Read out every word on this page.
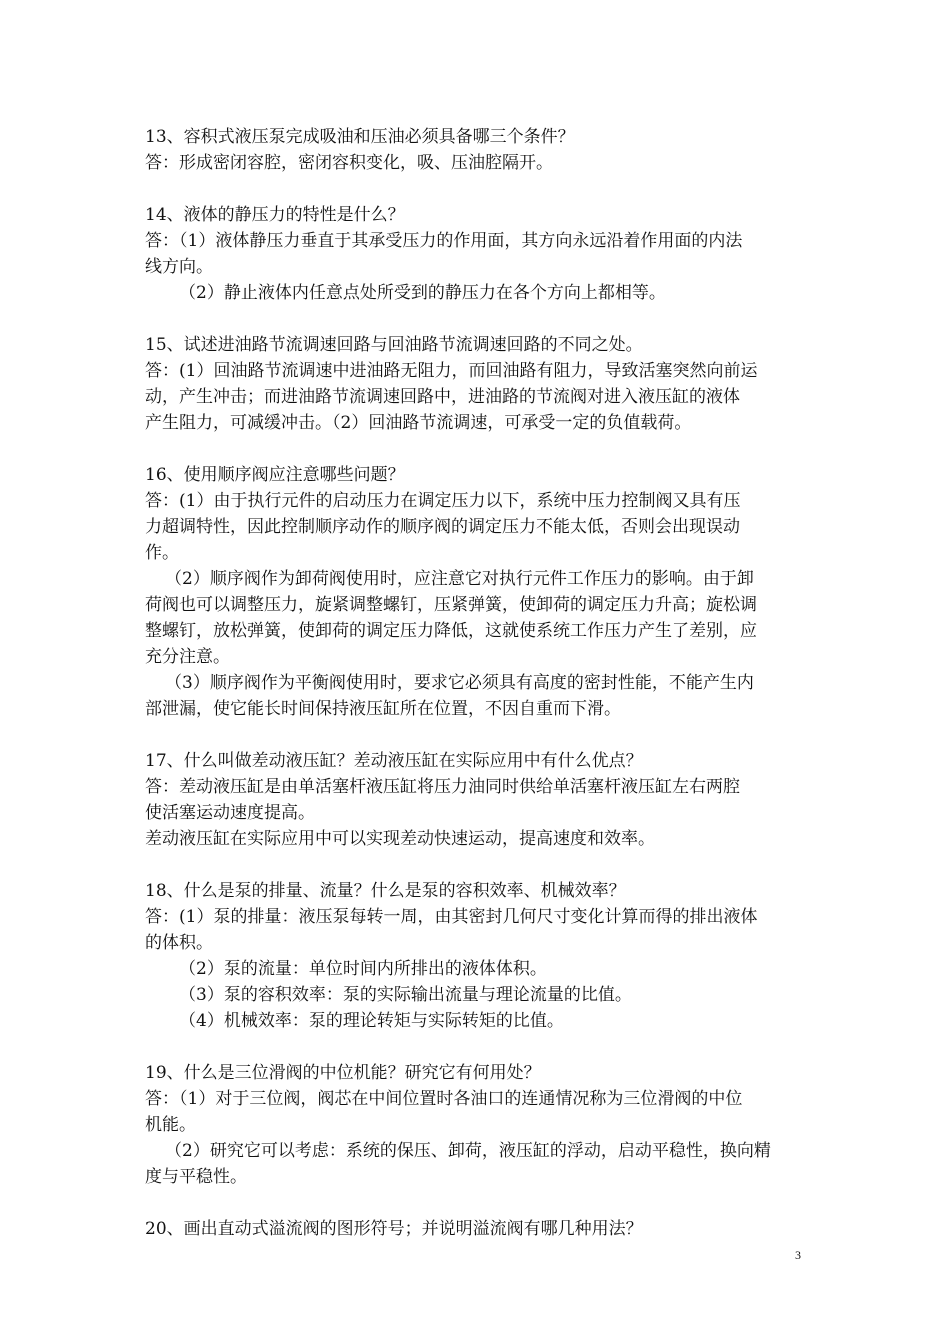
13、容积式液压泵完成吸油和压油必须具备哪三个条件？
答：形成密闭容腔，密闭容积变化，吸、压油腔隔开。
14、液体的静压力的特性是什么？
答：（1）液体静压力垂直于其承受压力的作用面，其方向永远沿着作用面的内法
线方向。
（2）静止液体内任意点处所受到的静压力在各个方向上都相等。
15、试述进油路节流调速回路与回油路节流调速回路的不同之处。
答：(1）回油路节流调速中进油路无阻力，而回油路有阻力，导致活塞突然向前运
动，产生冲击；而进油路节流调速回路中，进油路的节流阀对进入液压缸的液体
产生阻力，可减缓冲击。（2）回油路节流调速，可承受一定的负值载荷。
16、使用顺序阀应注意哪些问题？
答：(1）由于执行元件的启动压力在调定压力以下，系统中压力控制阀又具有压
力超调特性，因此控制顺序动作的顺序阀的调定压力不能太低，否则会出现误动
作。
（2）顺序阀作为卸荷阀使用时，应注意它对执行元件工作压力的影响。由于卸
荷阀也可以调整压力，旋紧调整螺钉，压紧弹簧，使卸荷的调定压力升高；旋松调
整螺钉，放松弹簧，使卸荷的调定压力降低，这就使系统工作压力产生了差别，应
充分注意。
（3）顺序阀作为平衡阀使用时，要求它必须具有高度的密封性能，不能产生内
部泄漏，使它能长时间保持液压缸所在位置，不因自重而下滑。
17、什么叫做差动液压缸？差动液压缸在实际应用中有什么优点？
答：差动液压缸是由单活塞杆液压缸将压力油同时供给单活塞杆液压缸左右两腔
使活塞运动速度提高。
差动液压缸在实际应用中可以实现差动快速运动，提高速度和效率。
18、什么是泵的排量、流量？什么是泵的容积效率、机械效率？
答：(1）泵的排量：液压泵每转一周，由其密封几何尺寸变化计算而得的排出液体
的体积。
（2）泵的流量：单位时间内所排出的液体体积。
（3）泵的容积效率：泵的实际输出流量与理论流量的比值。
（4）机械效率：泵的理论转矩与实际转矩的比值。
19、什么是三位滑阀的中位机能？研究它有何用处？
答：（1）对于三位阀，阀芯在中间位置时各油口的连通情况称为三位滑阀的中位
机能。
（2）研究它可以考虑：系统的保压、卸荷，液压缸的浮动，启动平稳性，换向精
度与平稳性。
20、画出直动式溢流阀的图形符号；并说明溢流阀有哪几种用法？
3
